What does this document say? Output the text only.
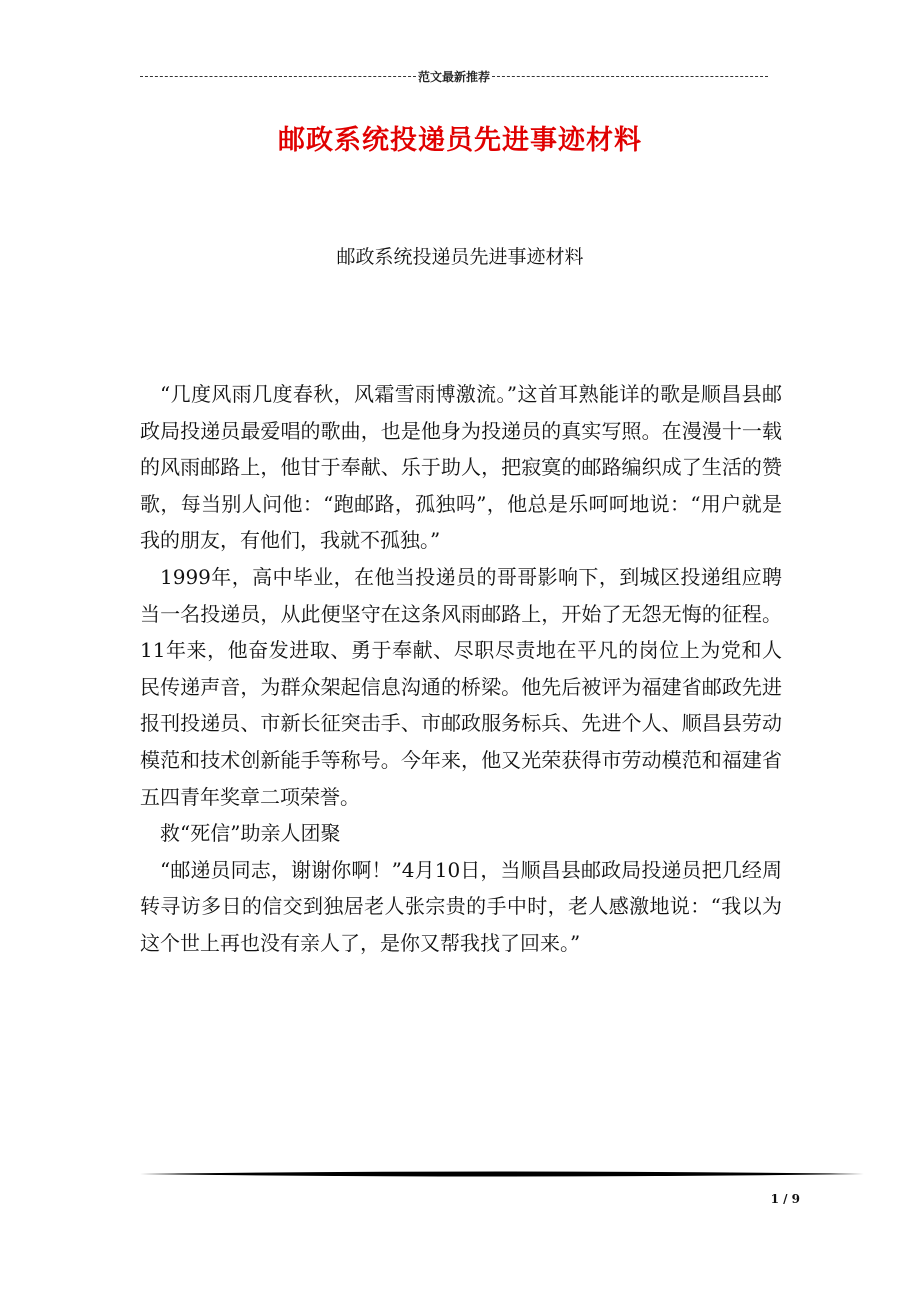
范文最新推荐
邮政系统投递员先进事迹材料
邮政系统投递员先进事迹材料

“几度风雨几度春秋，风霜雪雨博激流。”这首耳熟能详的歌是顺昌县邮政局投递员最爱唱的歌曲，也是他身为投递员的真实写照。在漫漫十一载的风雨邮路上，他甘于奉献、乐于助人，把寂寞的邮路编织成了生活的赞歌，每当别人问他：“跑邮路，孤独吗”，他总是乐呵呵地说：“用户就是我的朋友，有他们，我就不孤独。”

1999年，高中毕业，在他当投递员的哥哥影响下，到城区投递组应聘当一名投递员，从此便坚守在这条风雨邮路上，开始了无怨无悔的征程。11年来，他奋发进取、勇于奉献、尽职尽责地在平凡的岗位上为党和人民传递声音，为群众架起信息沟通的桥梁。他先后被评为福建省邮政先进报刊投递员、市新长征突击手、市邮政服务标兵、先进个人、顺昌县劳动模范和技术创新能手等称号。今年来，他又光荣获得市劳动模范和福建省五四青年奖章二项荣誉。

救“死信”助亲人团聚

“邮递员同志，谢谢你啊！”4月10日，当顺昌县邮政局投递员把几经周转寻访多日的信交到独居老人张宗贵的手中时，老人感激地说：“我以为这个世上再也没有亲人了，是你又帮我找了回来。”

1 / 9
